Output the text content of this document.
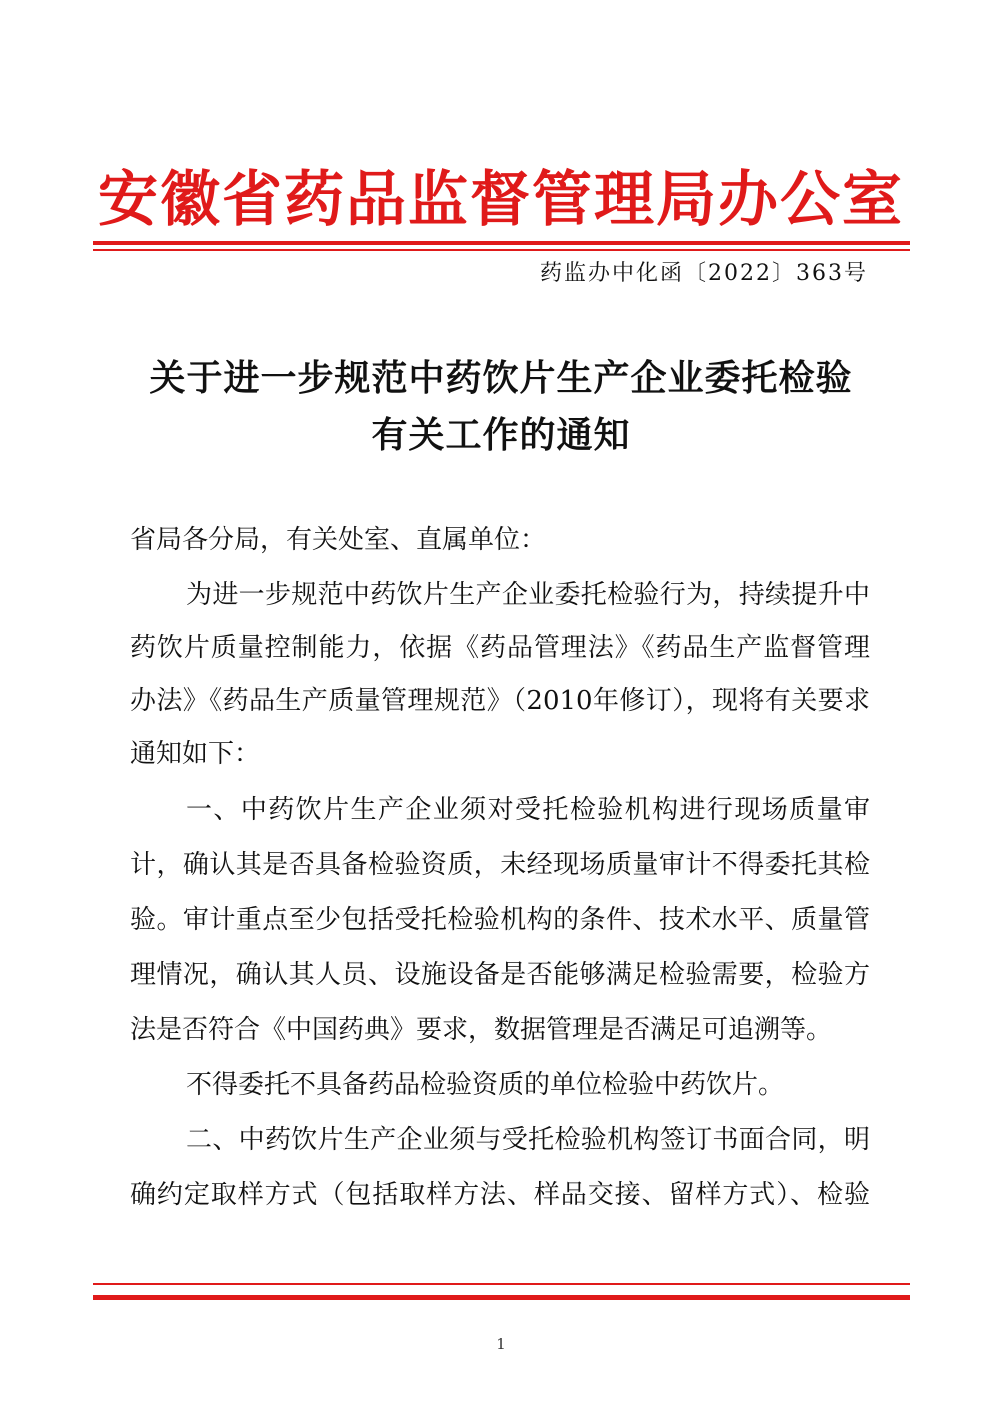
安徽省药品监督管理局办公室
药监办中化函〔2022〕363号
关于进一步规范中药饮片生产企业委托检验
有关工作的通知
省局各分局，有关处室、直属单位：
为进一步规范中药饮片生产企业委托检验行为，持续提升中
药饮片质量控制能力，依据《药品管理法》《药品生产监督管理
办法》《药品生产质量管理规范》（2010年修订），现将有关要求
通知如下：
一、中药饮片生产企业须对受托检验机构进行现场质量审
计，确认其是否具备检验资质，未经现场质量审计不得委托其检
验。审计重点至少包括受托检验机构的条件、技术水平、质量管
理情况，确认其人员、设施设备是否能够满足检验需要，检验方
法是否符合《中国药典》要求，数据管理是否满足可追溯等。
不得委托不具备药品检验资质的单位检验中药饮片。
二、中药饮片生产企业须与受托检验机构签订书面合同，明
确约定取样方式（包括取样方法、样品交接、留样方式）、检验
1
